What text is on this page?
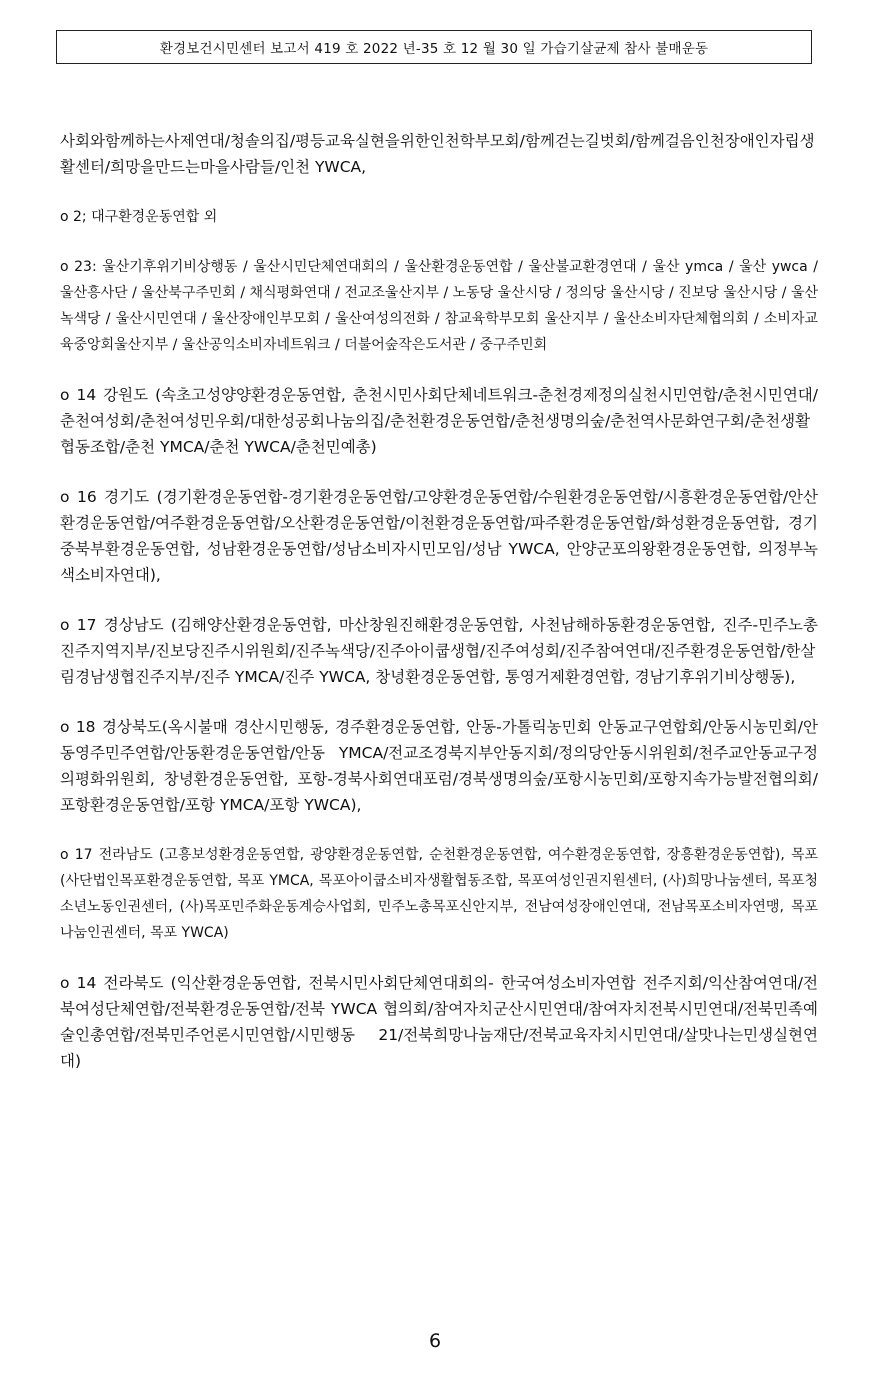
환경보건시민센터 보고서 419 호 2022 년-35 호 12 월 30 일 가습기살균제 참사 불매운동

사회와함께하는사제연대/청솔의집/평등교육실현을위한인천학부모회/함께걷는길벗회/함께걸음인천장애인자립생활센터/희망을만드는마을사람들/인천 YWCA,

o 2; 대구환경운동연합 외

o 23: 울산기후위기비상행동 / 울산시민단체연대회의 / 울산환경운동연합 / 울산불교환경연대 / 울산 ymca / 울산 ywca / 울산흥사단 / 울산북구주민회 / 채식평화연대 / 전교조울산지부 / 노동당 울산시당 / 정의당 울산시당 / 진보당 울산시당 / 울산녹색당 / 울산시민연대 / 울산장애인부모회 / 울산여성의전화 / 참교육학부모회 울산지부 / 울산소비자단체협의회 / 소비자교육중앙회울산지부 / 울산공익소비자네트워크 / 더불어숲작은도서관 / 중구주민회

o 14 강원도 (속초고성양양환경운동연합, 춘천시민사회단체네트워크-춘천경제정의실천시민연합/춘천시민연대/춘천여성회/춘천여성민우회/대한성공회나눔의집/춘천환경운동연합/춘천생명의숲/춘천역사문화연구회/춘천생활협동조합/춘천 YMCA/춘천 YWCA/춘천민예총)

o 16 경기도 (경기환경운동연합-경기환경운동연합/고양환경운동연합/수원환경운동연합/시흥환경운동연합/안산환경운동연합/여주환경운동연합/오산환경운동연합/이천환경운동연합/파주환경운동연합/화성환경운동연합, 경기중북부환경운동연합, 성남환경운동연합/성남소비자시민모임/성남 YWCA, 안양군포의왕환경운동연합, 의정부녹색소비자연대),

o 17 경상남도 (김해양산환경운동연합, 마산창원진해환경운동연합, 사천남해하동환경운동연합, 진주-민주노총진주지역지부/진보당진주시위원회/진주녹색당/진주아이쿱생협/진주여성회/진주참여연대/진주환경운동연합/한살림경남생협진주지부/진주 YMCA/진주 YWCA, 창녕환경운동연합, 통영거제환경연합, 경남기후위기비상행동),

o 18 경상북도(옥시불매 경산시민행동, 경주환경운동연합, 안동-가톨릭농민회 안동교구연합회/안동시농민회/안동영주민주연합/안동환경운동연합/안동 YMCA/전교조경북지부안동지회/정의당안동시위원회/천주교안동교구정의평화위원회, 창녕환경운동연합, 포항-경북사회연대포럼/경북생명의숲/포항시농민회/포항지속가능발전협의회/포항환경운동연합/포항 YMCA/포항 YWCA),

o 17 전라남도 (고흥보성환경운동연합, 광양환경운동연합, 순천환경운동연합, 여수환경운동연합, 장흥환경운동연합), 목포 (사단법인목포환경운동연합, 목포 YMCA, 목포아이쿱소비자생활협동조합, 목포여성인권지원센터, (사)희망나눔센터, 목포청소년노동인권센터, (사)목포민주화운동계승사업회, 민주노총목포신안지부, 전남여성장애인연대, 전남목포소비자연맹, 목포나눔인권센터, 목포 YWCA)

o 14 전라북도 (익산환경운동연합, 전북시민사회단체연대회의- 한국여성소비자연합 전주지회/익산참여연대/전북여성단체연합/전북환경운동연합/전북 YWCA 협의회/참여자치군산시민연대/참여자치전북시민연대/전북민족예술인총연합/전북민주언론시민연합/시민행동 21/전북희망나눔재단/전북교육자치시민연대/살맛나는민생실현연대)

6
